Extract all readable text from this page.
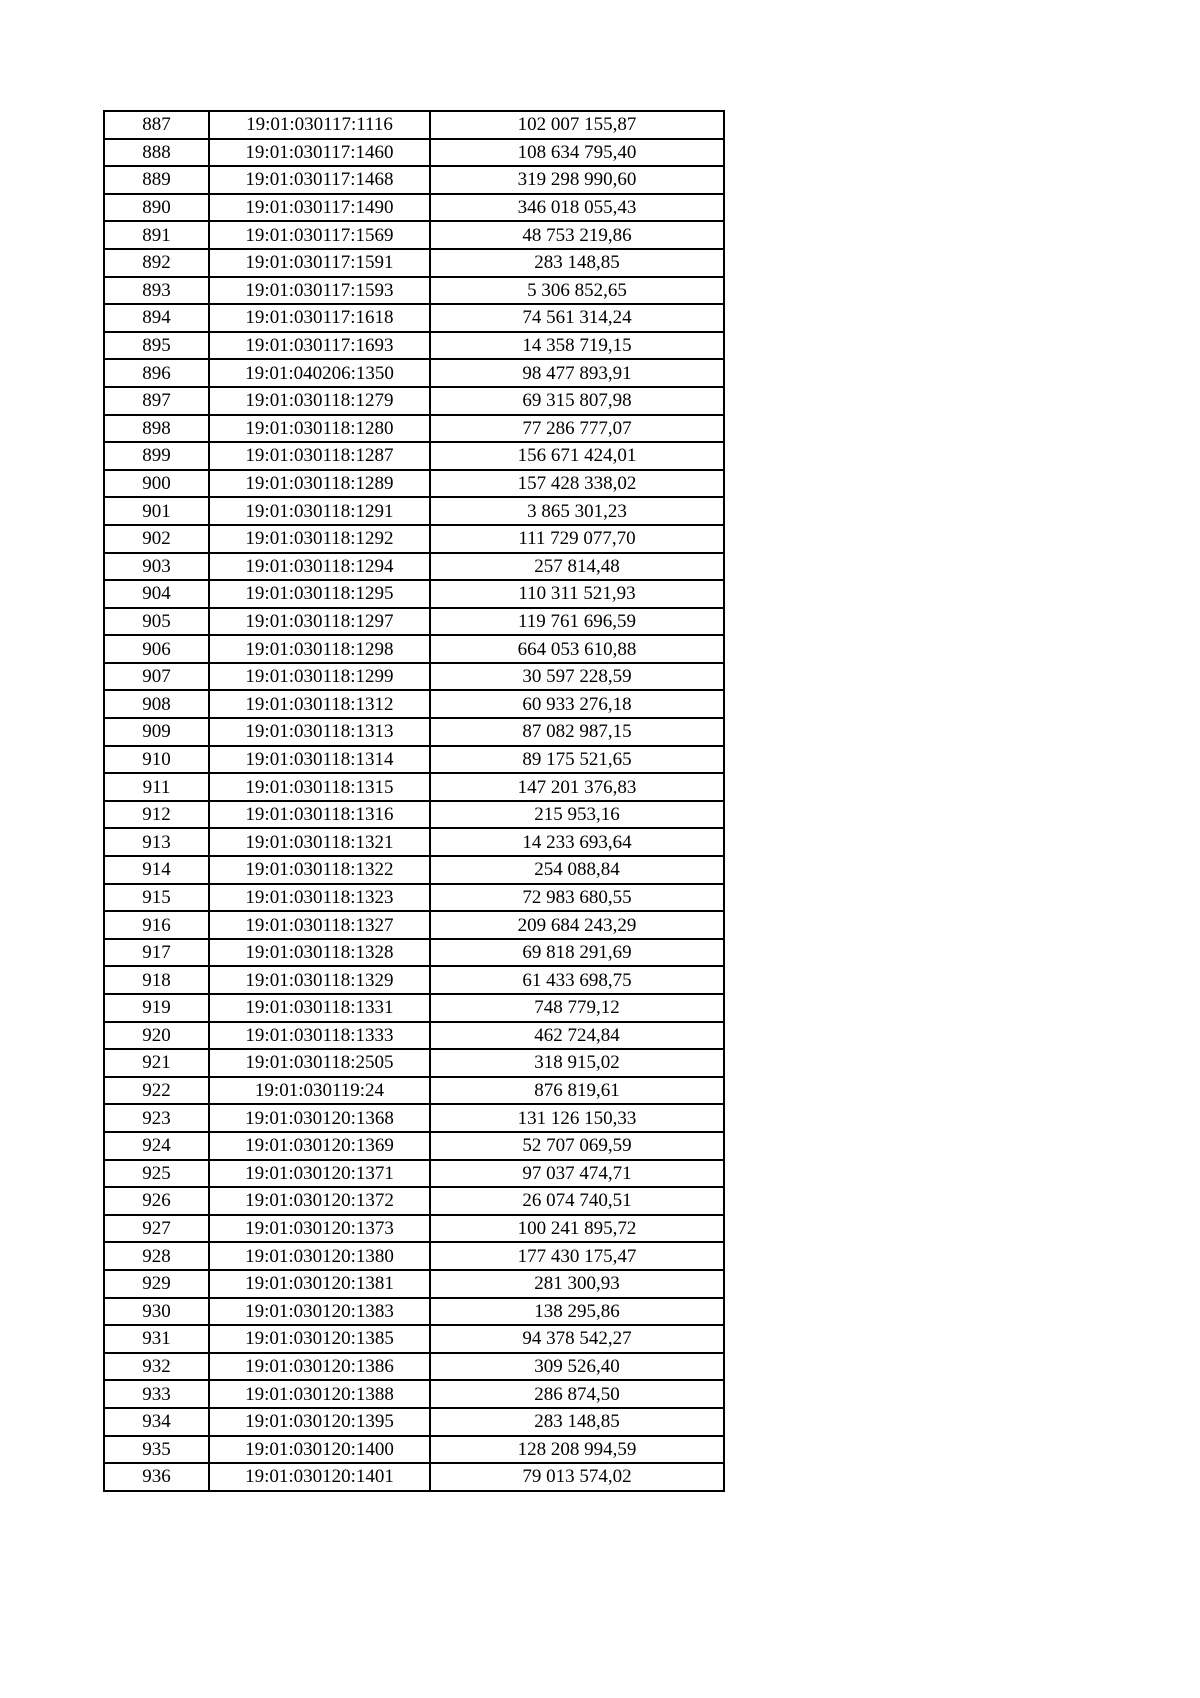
887	19:01:030117:1116	102 007 155,87
888	19:01:030117:1460	108 634 795,40
889	19:01:030117:1468	319 298 990,60
890	19:01:030117:1490	346 018 055,43
891	19:01:030117:1569	48 753 219,86
892	19:01:030117:1591	283 148,85
893	19:01:030117:1593	5 306 852,65
894	19:01:030117:1618	74 561 314,24
895	19:01:030117:1693	14 358 719,15
896	19:01:040206:1350	98 477 893,91
897	19:01:030118:1279	69 315 807,98
898	19:01:030118:1280	77 286 777,07
899	19:01:030118:1287	156 671 424,01
900	19:01:030118:1289	157 428 338,02
901	19:01:030118:1291	3 865 301,23
902	19:01:030118:1292	111 729 077,70
903	19:01:030118:1294	257 814,48
904	19:01:030118:1295	110 311 521,93
905	19:01:030118:1297	119 761 696,59
906	19:01:030118:1298	664 053 610,88
907	19:01:030118:1299	30 597 228,59
908	19:01:030118:1312	60 933 276,18
909	19:01:030118:1313	87 082 987,15
910	19:01:030118:1314	89 175 521,65
911	19:01:030118:1315	147 201 376,83
912	19:01:030118:1316	215 953,16
913	19:01:030118:1321	14 233 693,64
914	19:01:030118:1322	254 088,84
915	19:01:030118:1323	72 983 680,55
916	19:01:030118:1327	209 684 243,29
917	19:01:030118:1328	69 818 291,69
918	19:01:030118:1329	61 433 698,75
919	19:01:030118:1331	748 779,12
920	19:01:030118:1333	462 724,84
921	19:01:030118:2505	318 915,02
922	19:01:030119:24	876 819,61
923	19:01:030120:1368	131 126 150,33
924	19:01:030120:1369	52 707 069,59
925	19:01:030120:1371	97 037 474,71
926	19:01:030120:1372	26 074 740,51
927	19:01:030120:1373	100 241 895,72
928	19:01:030120:1380	177 430 175,47
929	19:01:030120:1381	281 300,93
930	19:01:030120:1383	138 295,86
931	19:01:030120:1385	94 378 542,27
932	19:01:030120:1386	309 526,40
933	19:01:030120:1388	286 874,50
934	19:01:030120:1395	283 148,85
935	19:01:030120:1400	128 208 994,59
936	19:01:030120:1401	79 013 574,02
